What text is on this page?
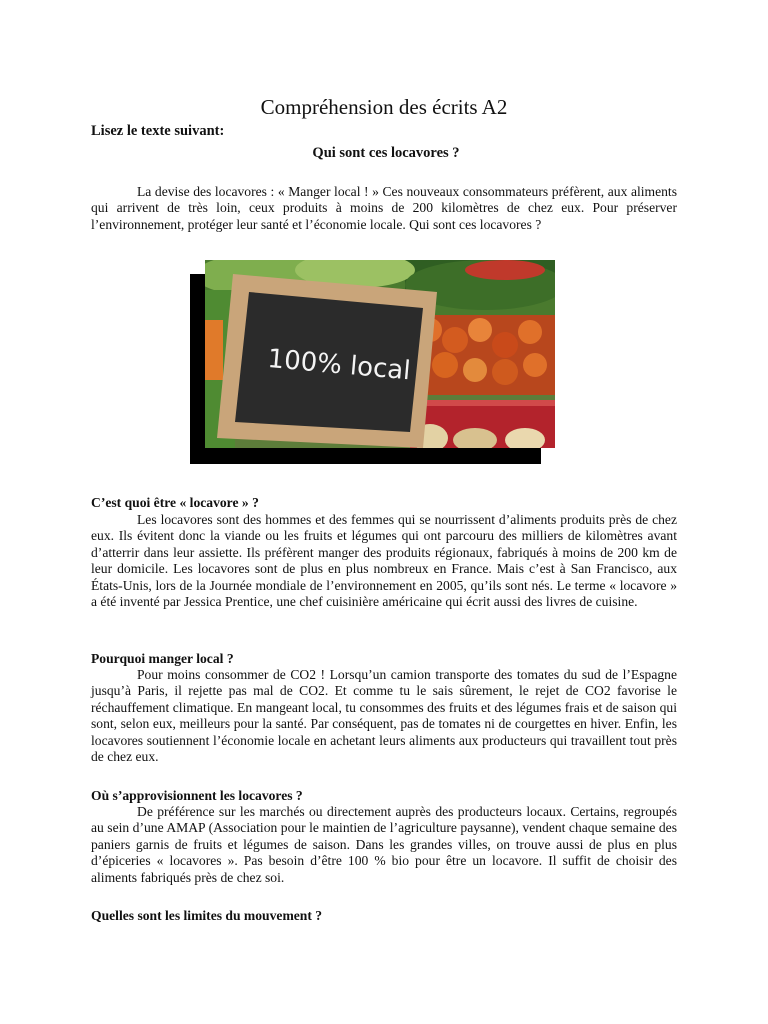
Compréhension des écrits A2
Lisez le texte suivant:
Qui sont ces locavores ?

La devise des locavores : « Manger local ! » Ces nouveaux consommateurs préfèrent, aux aliments qui arrivent de très loin, ceux produits à moins de 200 kilomètres de chez eux. Pour préserver l’environnement, protéger leur santé et l’économie locale. Qui sont ces locavores ?

100% local
C’est quoi être « locavore » ?

Les locavores sont des hommes et des femmes qui se nourrissent d’aliments produits près de chez eux. Ils évitent donc la viande ou les fruits et légumes qui ont parcouru des milliers de kilomètres avant d’atterrir dans leur assiette. Ils préfèrent manger des produits régionaux, fabriqués à moins de 200 km de leur domicile. Les locavores sont de plus en plus nombreux en France. Mais c’est à San Francisco, aux États-Unis, lors de la Journée mondiale de l’environnement en 2005, qu’ils sont nés. Le terme « locavore » a été inventé par Jessica Prentice, une chef cuisinière américaine qui écrit aussi des livres de cuisine.

Pourquoi manger local ?

Pour moins consommer de CO2 ! Lorsqu’un camion transporte des tomates du sud de l’Espagne jusqu’à Paris, il rejette pas mal de CO2. Et comme tu le sais sûrement, le rejet de CO2 favorise le réchauffement climatique. En mangeant local, tu consommes des fruits et des légumes frais et de saison qui sont, selon eux, meilleurs pour la santé. Par conséquent, pas de tomates ni de courgettes en hiver. Enfin, les locavores soutiennent l’économie locale en achetant leurs aliments aux producteurs qui travaillent tout près de chez eux.

Où s’approvisionnent les locavores ?

De préférence sur les marchés ou directement auprès des producteurs locaux. Certains, regroupés au sein d’une AMAP (Association pour le maintien de l’agriculture paysanne), vendent chaque semaine des paniers garnis de fruits et légumes de saison. Dans les grandes villes, on trouve aussi de plus en plus d’épiceries « locavores ». Pas besoin d’être 100 % bio pour être un locavore. Il suffit de choisir des aliments fabriqués près de chez soi.

Quelles sont les limites du mouvement ?
